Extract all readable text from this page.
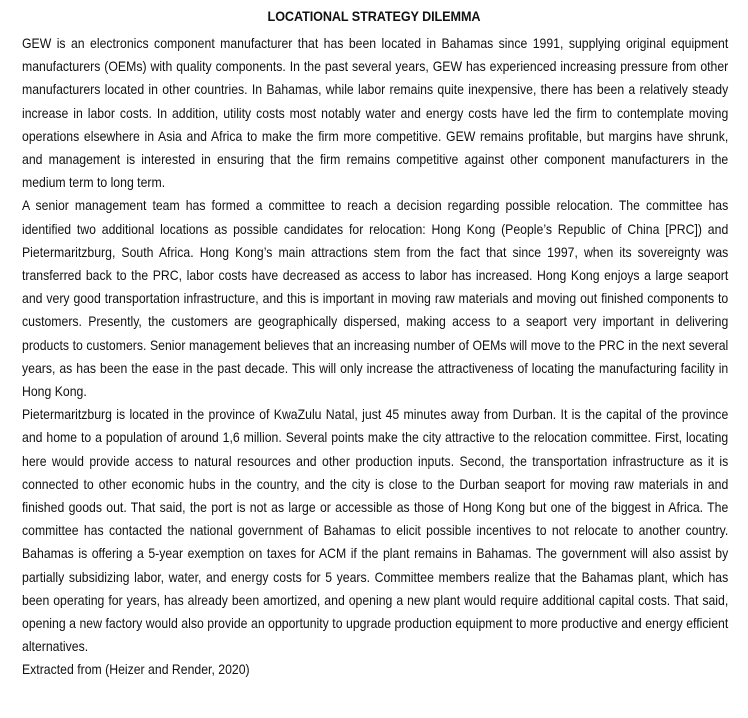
LOCATIONAL STRATEGY DILEMMA

GEW is an electronics component manufacturer that has been located in Bahamas since 1991, supplying original equipment manufacturers (OEMs) with quality components. In the past several years, GEW has experienced increasing pressure from other manufacturers located in other countries. In Bahamas, while labor remains quite inexpensive, there has been a relatively steady increase in labor costs. In addition, utility costs most notably water and energy costs have led the firm to contemplate moving operations elsewhere in Asia and Africa to make the firm more competitive. GEW remains profitable, but margins have shrunk, and management is interested in ensuring that the firm remains competitive against other component manufacturers in the medium term to long term.

A senior management team has formed a committee to reach a decision regarding possible relocation. The committee has identified two additional locations as possible candidates for relocation: Hong Kong (People’s Republic of China [PRC]) and Pietermaritzburg, South Africa. Hong Kong’s main attractions stem from the fact that since 1997, when its sovereignty was transferred back to the PRC, labor costs have decreased as access to labor has increased. Hong Kong enjoys a large seaport and very good transportation infrastructure, and this is important in moving raw materials and moving out finished components to customers. Presently, the customers are geographically dispersed, making access to a seaport very important in delivering products to customers. Senior management believes that an increasing number of OEMs will move to the PRC in the next several years, as has been the ease in the past decade. This will only increase the attractiveness of locating the manufacturing facility in Hong Kong.

Pietermaritzburg is located in the province of KwaZulu Natal, just 45 minutes away from Durban. It is the capital of the province and home to a population of around 1,6 million. Several points make the city attractive to the relocation committee. First, locating here would provide access to natural resources and other production inputs. Second, the transportation infrastructure as it is connected to other economic hubs in the country, and the city is close to the Durban seaport for moving raw materials in and finished goods out. That said, the port is not as large or accessible as those of Hong Kong but one of the biggest in Africa. The committee has contacted the national government of Bahamas to elicit possible incentives to not relocate to another country. Bahamas is offering a 5-year exemption on taxes for ACM if the plant remains in Bahamas. The government will also assist by partially subsidizing labor, water, and energy costs for 5 years. Committee members realize that the Bahamas plant, which has been operating for years, has already been amortized, and opening a new plant would require additional capital costs. That said, opening a new factory would also provide an opportunity to upgrade production equipment to more productive and energy efficient alternatives.

Extracted from (Heizer and Render, 2020)
